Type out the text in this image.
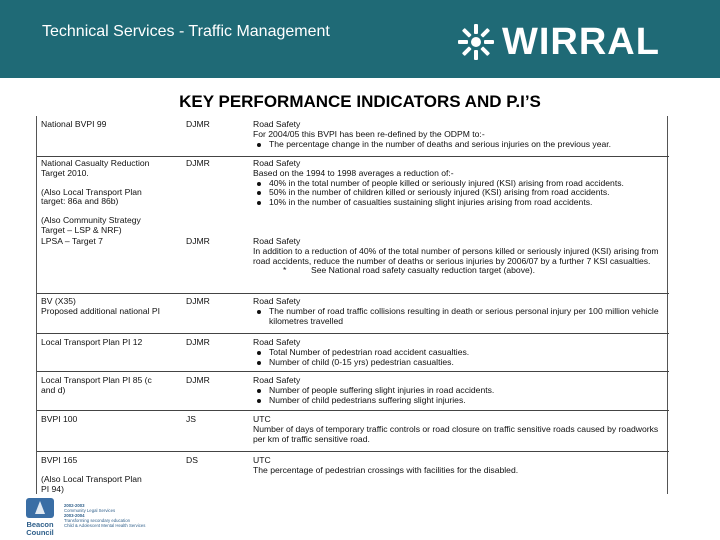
Technical Services - Traffic Management	WIRRAL
KEY PERFORMANCE INDICATORS AND P.I’S
National BVPI 99	DJMR	Road Safety
For 2004/05 this BVPI has been re-defined by the ODPM to:-
The percentage change in the number of deaths and serious injuries on the previous year.
National Casualty Reduction
Target 2010.
(Also Local Transport Plan
target: 86a and 86b)
(Also Community Strategy
Target – LSP & NRF)
DJMR	Road Safety
Based on the 1994 to 1998 averages a reduction of:-
40% in the total number of people killed or seriously injured (KSI) arising from road accidents.
50% in the number of children killed or seriously injured (KSI) arising from road accidents.
10% in the number of casualties sustaining slight injuries arising from road accidents.
LPSA – Target 7	DJMR	Road Safety
In addition to a reduction of 40% of the total number of persons killed or seriously injured (KSI) arising from road accidents, reduce the number of deaths or serious injuries by 2006/07 by a further 7 KSI casualties.
*	See National road safety casualty reduction target (above).
BV (X35)
Proposed additional national PI
DJMR	Road Safety
The number of road traffic collisions resulting in death or serious personal injury per 100 million vehicle kilometres travelled
Local Transport Plan PI 12	DJMR	Road Safety
Total Number of pedestrian road accident casualties.
Number of child (0-15 yrs) pedestrian casualties.
Local Transport Plan PI 85 (c
and d)
DJMR	Road Safety
Number of people suffering slight injuries in road accidents.
Number of child pedestrians suffering slight injuries.
BVPI 100	JS	UTC
Number of days of temporary traffic controls or road closure on traffic sensitive roads caused by roadworks per km of traffic sensitive road.
BVPI 165
(Also Local Transport Plan
PI 94)
DS	UTC
The percentage of pedestrian crossings with facilities for the disabled.
Beacon
Council
2002-2003
Community Legal Services
2003-2004
Transforming secondary education
Child & Adolescent Mental Health Services
